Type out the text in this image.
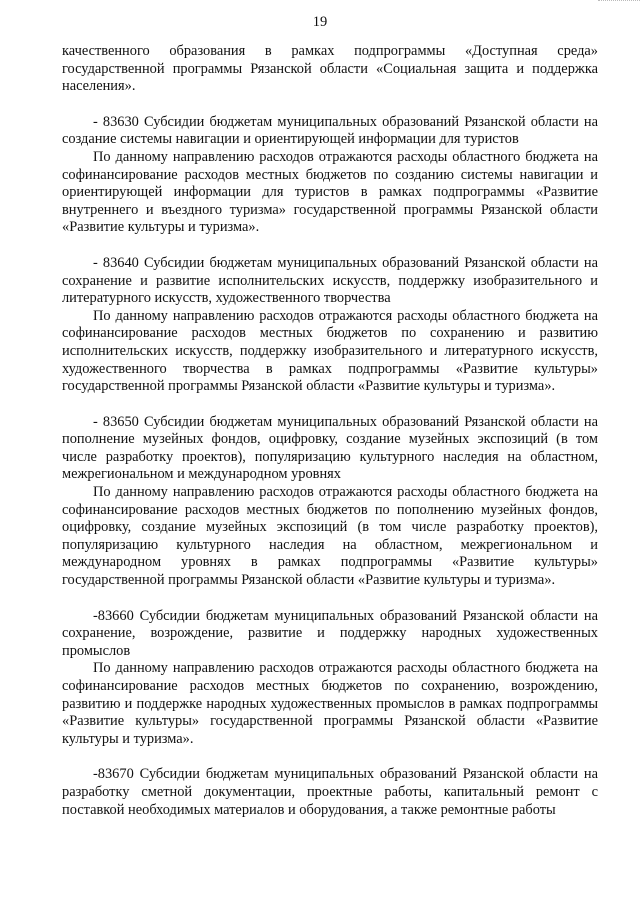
19

качественного образования в рамках подпрограммы «Доступная среда» государственной программы Рязанской области «Социальная защита и поддержка населения».

- 83630 Субсидии бюджетам муниципальных образований Рязанской области на создание системы навигации и ориентирующей информации для туристов

По данному направлению расходов отражаются расходы областного бюджета на софинансирование расходов местных бюджетов по созданию системы навигации и ориентирующей информации для туристов в рамках подпрограммы «Развитие внутреннего и въездного туризма» государственной программы Рязанской области «Развитие культуры и туризма».

- 83640 Субсидии бюджетам муниципальных образований Рязанской области на сохранение и развитие исполнительских искусств, поддержку изобразительного и литературного искусств, художественного творчества

По данному направлению расходов отражаются расходы областного бюджета на софинансирование расходов местных бюджетов по сохранению и развитию исполнительских искусств, поддержку изобразительного и литературного искусств, художественного творчества в рамках подпрограммы «Развитие культуры» государственной программы Рязанской области «Развитие культуры и туризма».

- 83650 Субсидии бюджетам муниципальных образований Рязанской области на пополнение музейных фондов, оцифровку, создание музейных экспозиций (в том числе разработку проектов), популяризацию культурного наследия на областном, межрегиональном и международном уровнях

По данному направлению расходов отражаются расходы областного бюджета на софинансирование расходов местных бюджетов по пополнению музейных фондов, оцифровку, создание музейных экспозиций (в том числе разработку проектов), популяризацию культурного наследия на областном, межрегиональном и международном уровнях в рамках подпрограммы «Развитие культуры» государственной программы Рязанской области «Развитие культуры и туризма».

-83660 Субсидии бюджетам муниципальных образований Рязанской области на сохранение, возрождение, развитие и поддержку народных художественных промыслов

По данному направлению расходов отражаются расходы областного бюджета на софинансирование расходов местных бюджетов по сохранению, возрождению, развитию и поддержке народных художественных промыслов в рамках подпрограммы «Развитие культуры» государственной программы Рязанской области «Развитие культуры и туризма».

-83670 Субсидии бюджетам муниципальных образований Рязанской области на разработку сметной документации, проектные работы, капитальный ремонт с поставкой необходимых материалов и оборудования, а также ремонтные работы
